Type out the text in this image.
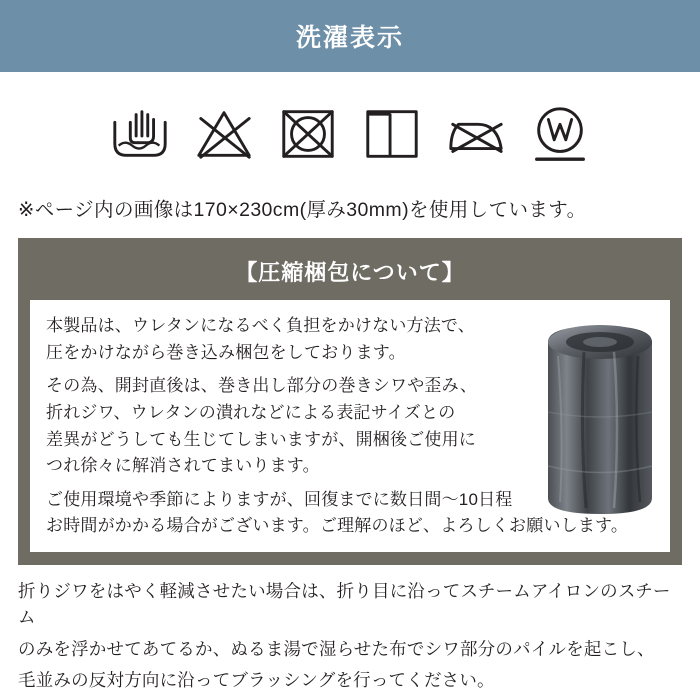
洗濯表示
※ページ内の画像は170×230cm(厚み30mm)を使用しています。
【圧縮梱包について】

本製品は、ウレタンになるべく負担をかけない方法で、

圧をかけながら巻き込み梱包をしております。

その為、開封直後は、巻き出し部分の巻きシワや歪み、

折れジワ、ウレタンの潰れなどによる表記サイズとの

差異がどうしても生じてしまいますが、開梱後ご使用に

つれ徐々に解消されてまいります。

ご使用環境や季節によりますが、回復までに数日間〜10日程

お時間がかかる場合がございます。ご理解のほど、よろしくお願いします。

折りジワをはやく軽減させたい場合は、折り目に沿ってスチームアイロンのスチーム

のみを浮かせてあてるか、ぬるま湯で湿らせた布でシワ部分のパイルを起こし、

毛並みの反対方向に沿ってブラッシングを行ってください。
